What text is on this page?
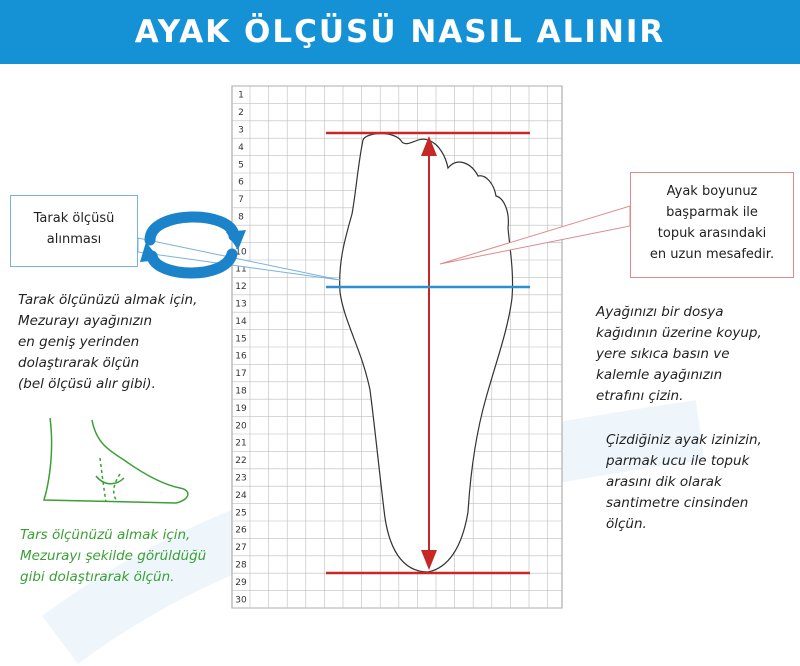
AYAK ÖLÇÜSÜ NASIL ALINIR
1
2
3
4
5
6
7
8
10
11
12
13
14
15
16
17
18
19
20
21
22
23
24
25
26
27
28
29
30
Tarak ölçüsü
alınması
Ayak boyunuz
başparmak ile
topuk arasındaki
en uzun mesafedir.
Tarak ölçünüzü almak için,
Mezurayı ayağınızın
en geniş yerinden
dolaştırarak ölçün
(bel ölçüsü alır gibi).
Tars ölçünüzü almak için,
Mezurayı şekilde görüldüğü
gibi dolaştırarak ölçün.
Ayağınızı bir dosya
kağıdının üzerine koyup,
yere sıkıca basın ve
kalemle ayağınızın
etrafını çizin.
Çizdiğiniz ayak izinizin,
parmak ucu ile topuk
arasını dik olarak
santimetre cinsinden
ölçün.
